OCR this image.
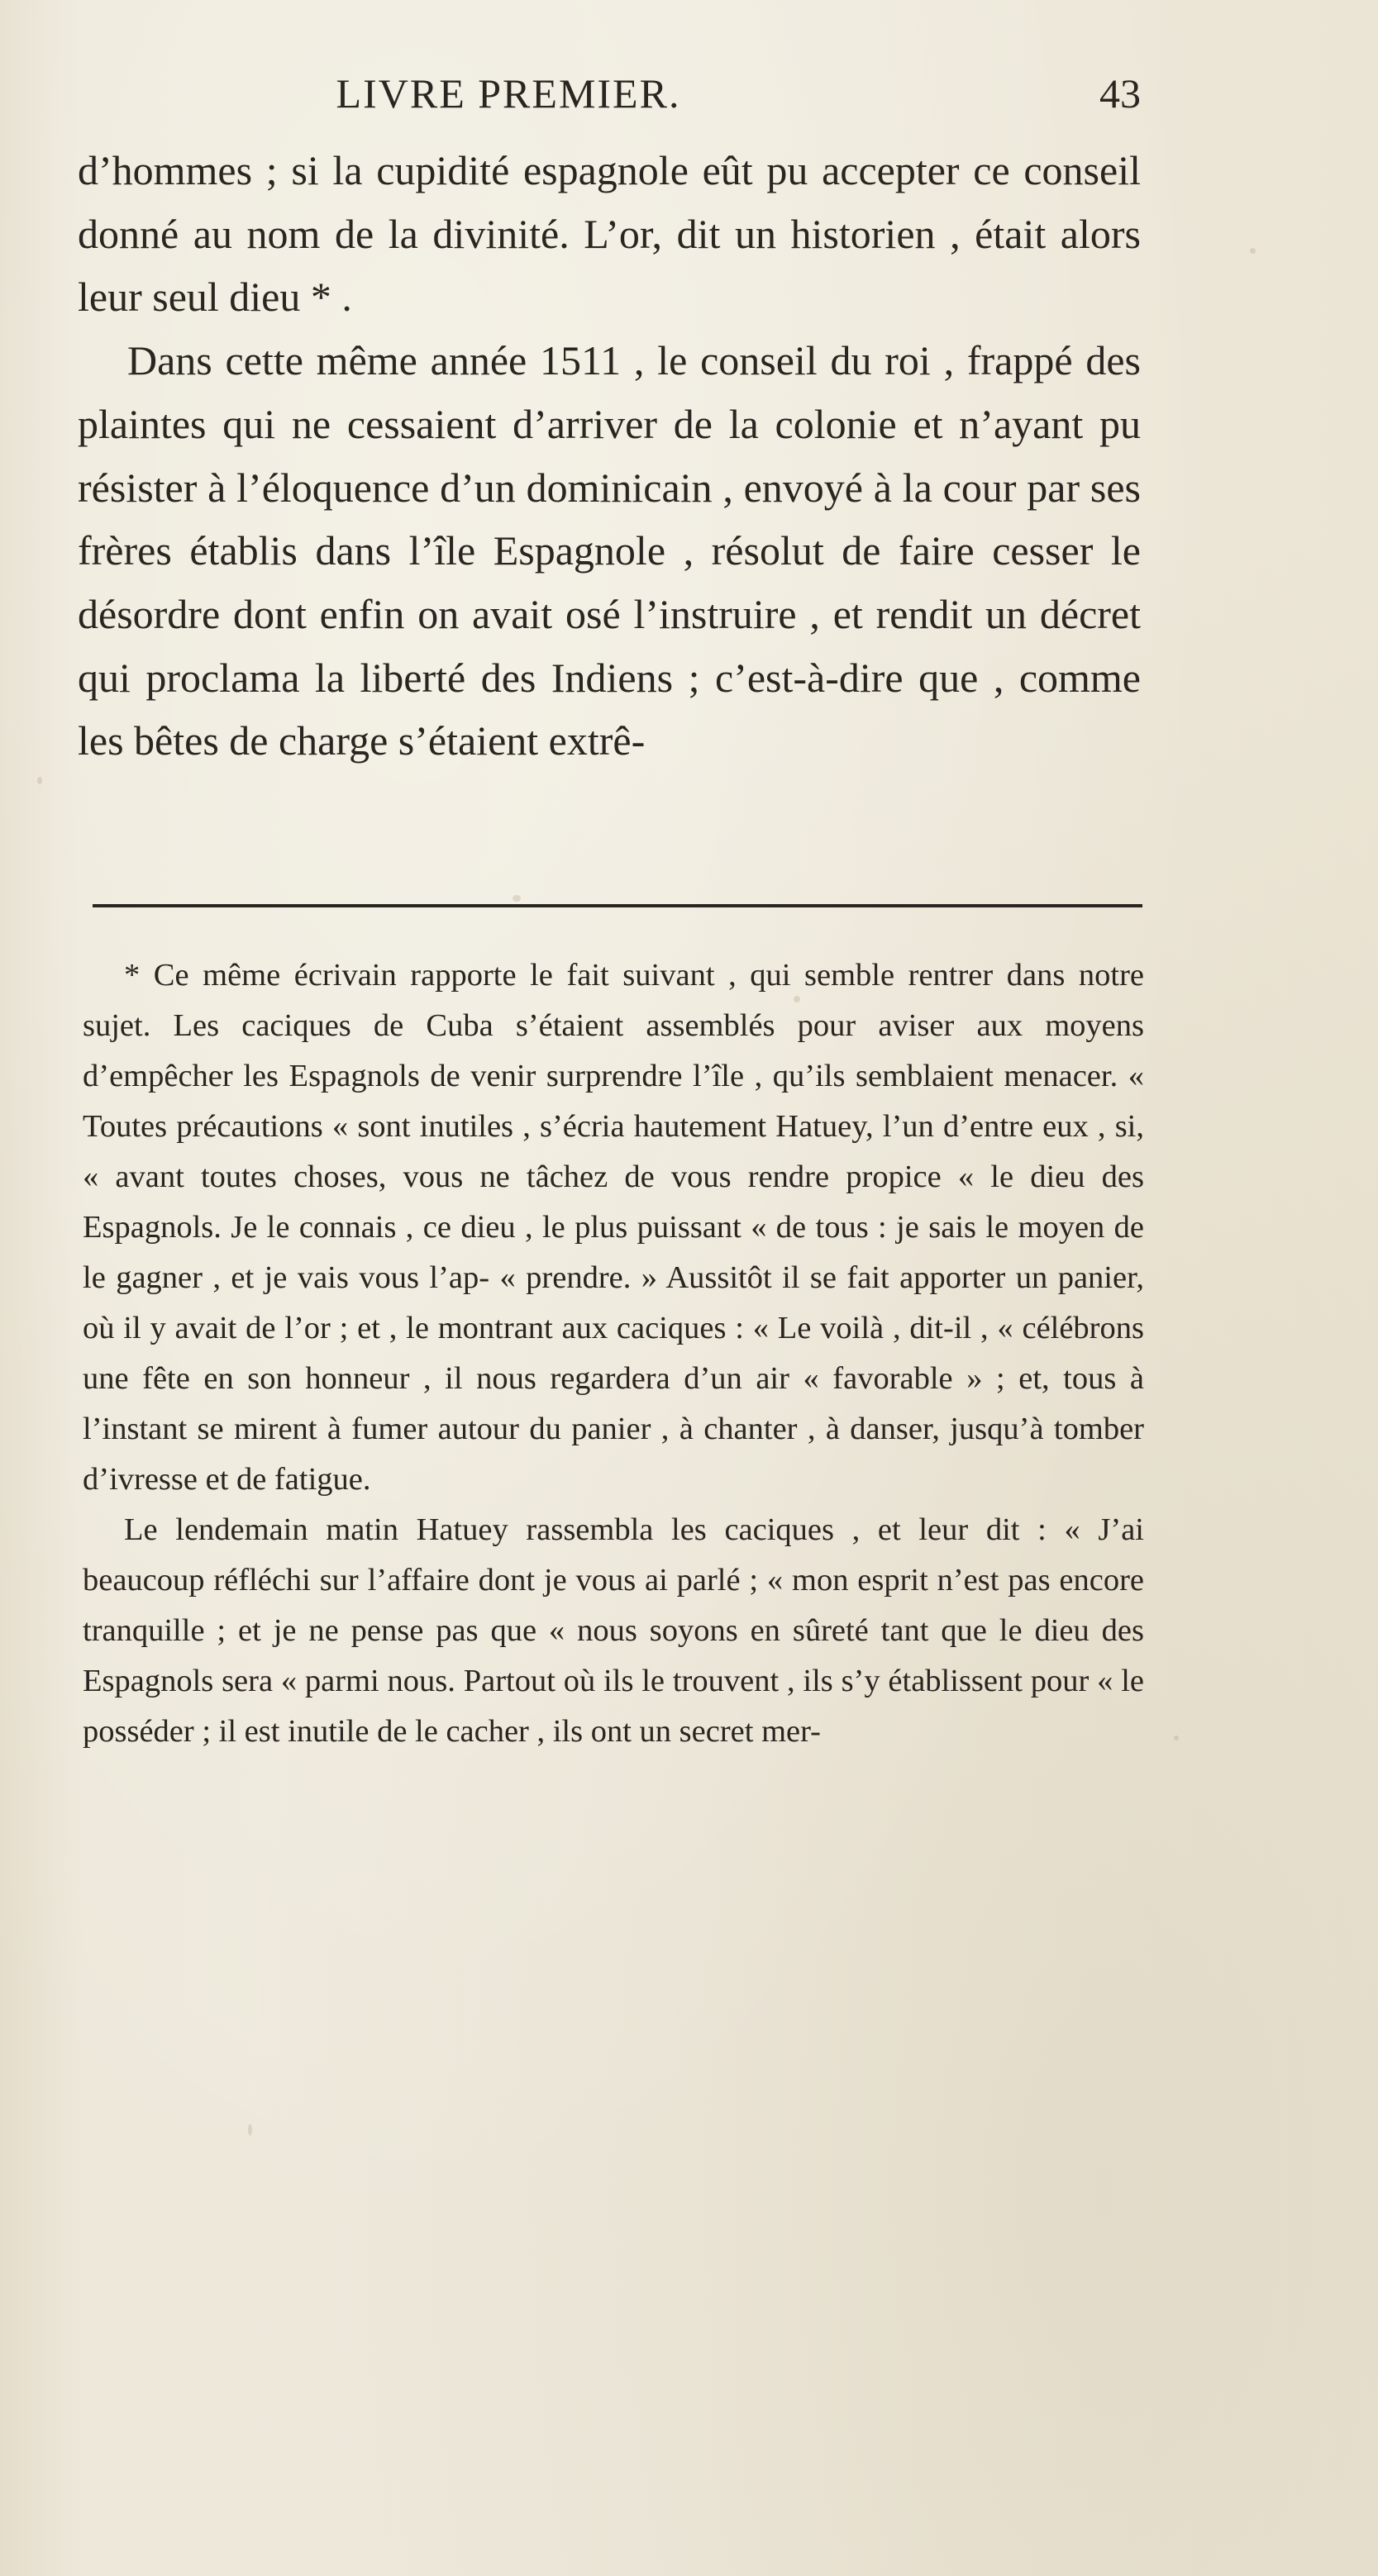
LIVRE PREMIER.	43

d’hommes ; si la cupidité espagnole eût pu accepter ce conseil donné au nom de la divinité. L’or, dit un historien , était alors leur seul dieu * .

Dans cette même année 1511 , le conseil du roi , frappé des plaintes qui ne cessaient d’arriver de la colonie et n’ayant pu résister à l’éloquence d’un dominicain , envoyé à la cour par ses frères établis dans l’île Espagnole , résolut de faire cesser le désordre dont enfin on avait osé l’instruire , et rendit un décret qui proclama la liberté des Indiens ; c’est-à-dire que , comme les bêtes de charge s’étaient extrê-

* Ce même écrivain rapporte le fait suivant , qui semble rentrer dans notre sujet. Les caciques de Cuba s’étaient assemblés pour aviser aux moyens d’empêcher les Espagnols de venir surprendre l’île , qu’ils semblaient menacer. « Toutes précautions « sont inutiles , s’écria hautement Hatuey, l’un d’entre eux , si, « avant toutes choses, vous ne tâchez de vous rendre propice « le dieu des Espagnols. Je le connais , ce dieu , le plus puissant « de tous : je sais le moyen de le gagner , et je vais vous l’ap- « prendre. » Aussitôt il se fait apporter un panier, où il y avait de l’or ; et , le montrant aux caciques : « Le voilà , dit-il , « célébrons une fête en son honneur , il nous regardera d’un air « favorable » ; et, tous à l’instant se mirent à fumer autour du panier , à chanter , à danser, jusqu’à tomber d’ivresse et de fatigue.

Le lendemain matin Hatuey rassembla les caciques , et leur dit : « J’ai beaucoup réfléchi sur l’affaire dont je vous ai parlé ; « mon esprit n’est pas encore tranquille ; et je ne pense pas que « nous soyons en sûreté tant que le dieu des Espagnols sera « parmi nous. Partout où ils le trouvent , ils s’y établissent pour « le posséder ; il est inutile de le cacher , ils ont un secret mer-
